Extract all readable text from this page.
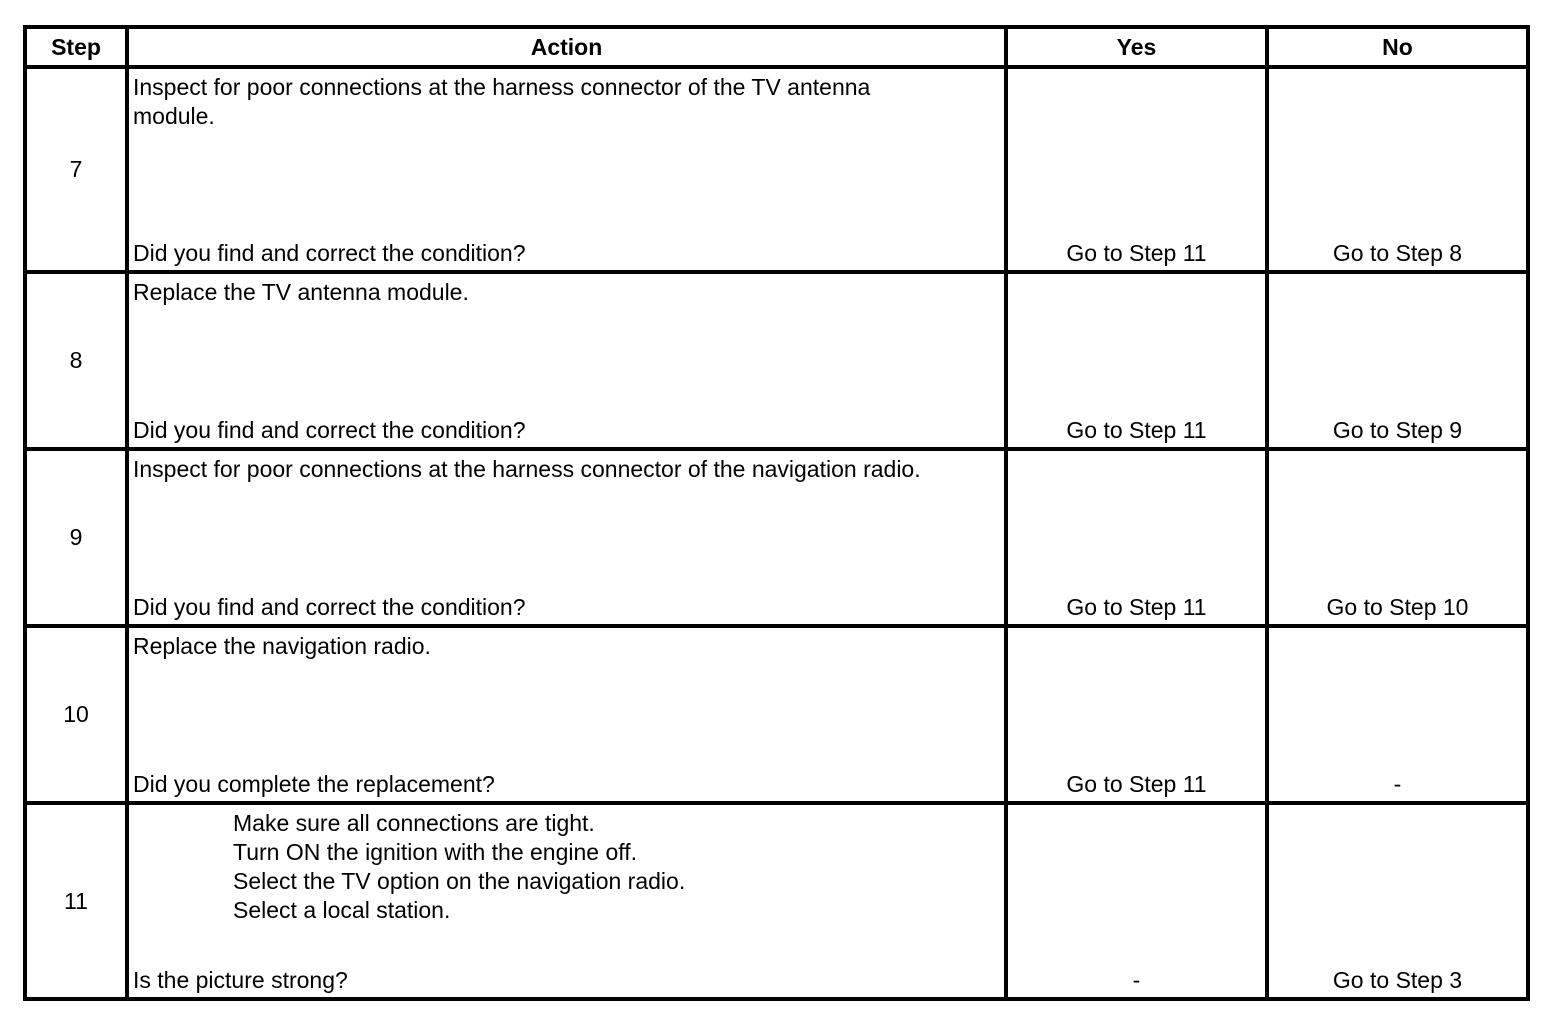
Step	Action	Yes	No
7	Inspect for poor connections at the harness connector of the TV antenna
module.
Did you find and correct the condition?	Go to Step 11	Go to Step 8
8	Replace the TV antenna module.
Did you find and correct the condition?	Go to Step 11	Go to Step 9
9	Inspect for poor connections at the harness connector of the navigation radio.
Did you find and correct the condition?	Go to Step 11	Go to Step 10
10	Replace the navigation radio.
Did you complete the replacement?	Go to Step 11	-
11	Make sure all connections are tight.
Turn ON the ignition with the engine off.
Select the TV option on the navigation radio.
Select a local station.
Is the picture strong?	-	Go to Step 3
